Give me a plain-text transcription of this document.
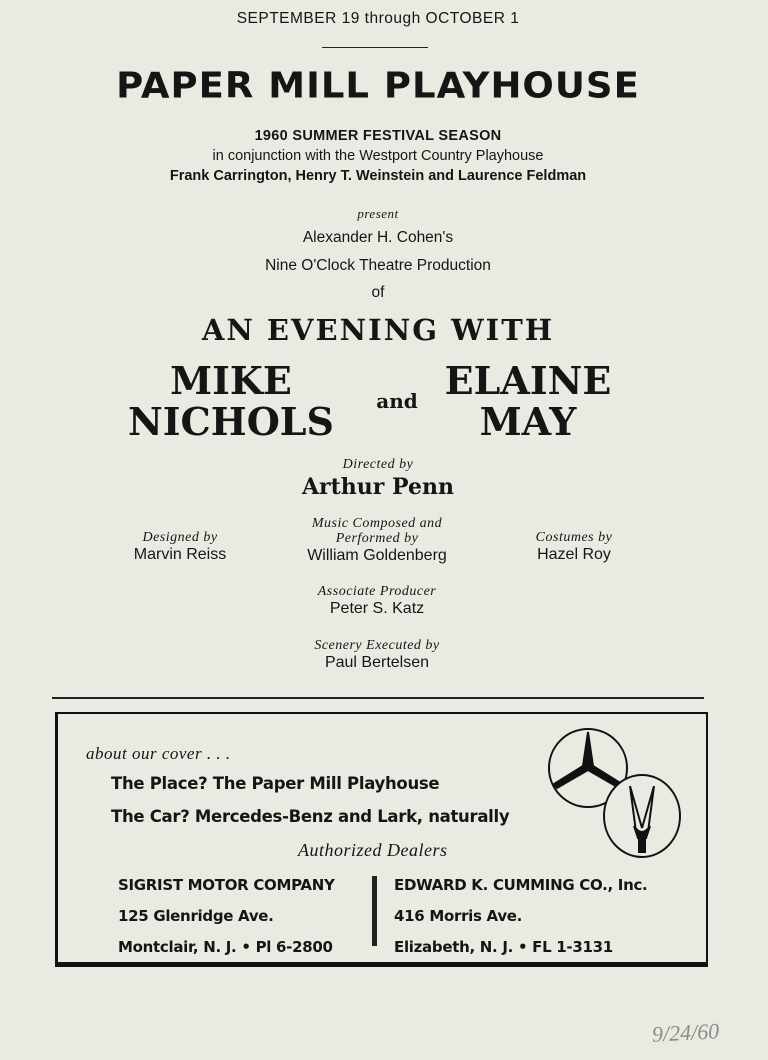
SEPTEMBER 19 through OCTOBER 1
PAPER MILL PLAYHOUSE
1960 SUMMER FESTIVAL SEASON
in conjunction with the Westport Country Playhouse
Frank Carrington, Henry T. Weinstein and Laurence Feldman
present
Alexander H. Cohen's
Nine O'Clock Theatre Production
of
AN EVENING WITH
MIKE
NICHOLS and ELAINE
MAY
Directed by
Arthur Penn
Designed by
Marvin Reiss
Music Composed and
Performed by
William Goldenberg
Costumes by
Hazel Roy
Associate Producer
Peter S. Katz
Scenery Executed by
Paul Bertelsen
about our cover . . .
The Place? The Paper Mill Playhouse
The Car? Mercedes-Benz and Lark, naturally
Authorized Dealers
SIGRIST MOTOR COMPANY
125 Glenridge Ave.
Montclair, N. J. • Pl 6-2800
EDWARD K. CUMMING CO., Inc.
416 Morris Ave.
Elizabeth, N. J. • FL 1-3131
9/24/60
